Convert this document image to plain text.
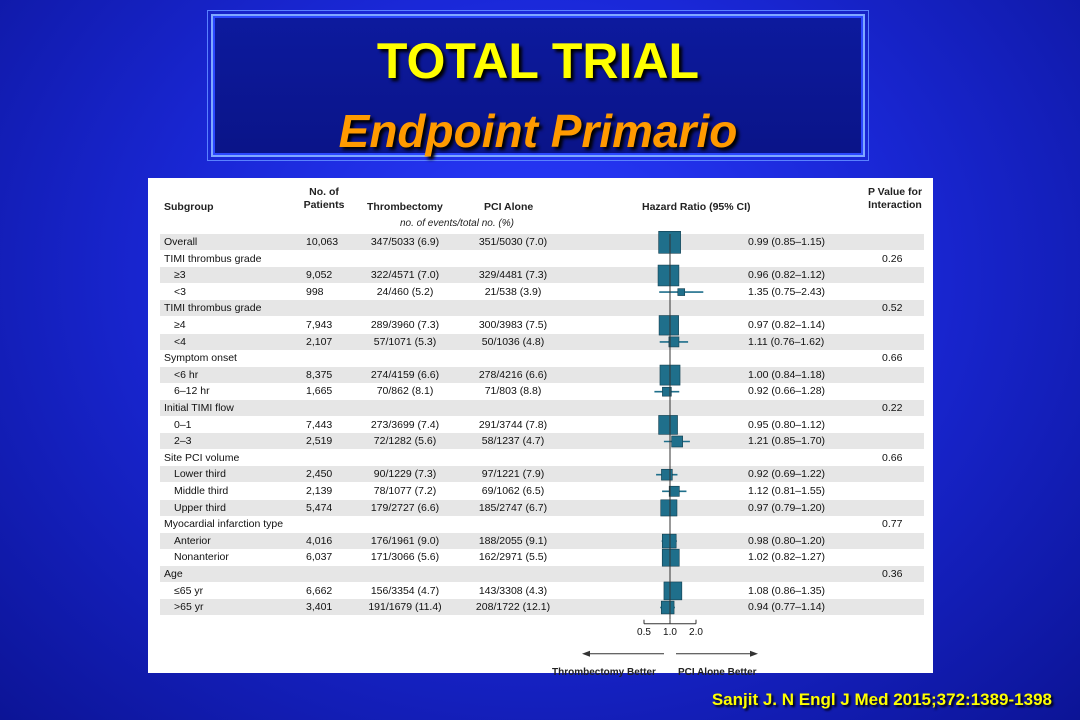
TOTAL TRIAL
Endpoint Primario
Subgroup
No. of
Patients	Thrombectomy	PCI Alone
no. of events/total no. (%)
Hazard Ratio (95% CI)
P Value for
Interaction
Overall	10,063	347/5033 (6.9)	351/5030 (7.0)	0.99 (0.85–1.15)
TIMI thrombus grade	0.26
≥3	9,052	322/4571 (7.0)	329/4481 (7.3)	0.96 (0.82–1.12)
<3	998	24/460 (5.2)	21/538 (3.9)	1.35 (0.75–2.43)
TIMI thrombus grade	0.52
≥4	7,943	289/3960 (7.3)	300/3983 (7.5)	0.97 (0.82–1.14)
<4	2,107	57/1071 (5.3)	50/1036 (4.8)	1.11 (0.76–1.62)
Symptom onset	0.66
<6 hr	8,375	274/4159 (6.6)	278/4216 (6.6)	1.00 (0.84–1.18)
6–12 hr	1,665	70/862 (8.1)	71/803 (8.8)	0.92 (0.66–1.28)
Initial TIMI flow	0.22
0–1	7,443	273/3699 (7.4)	291/3744 (7.8)	0.95 (0.80–1.12)
2–3	2,519	72/1282 (5.6)	58/1237 (4.7)	1.21 (0.85–1.70)
Site PCI volume	0.66
Lower third	2,450	90/1229 (7.3)	97/1221 (7.9)	0.92 (0.69–1.22)
Middle third	2,139	78/1077 (7.2)	69/1062 (6.5)	1.12 (0.81–1.55)
Upper third	5,474	179/2727 (6.6)	185/2747 (6.7)	0.97 (0.79–1.20)
Myocardial infarction type	0.77
Anterior	4,016	176/1961 (9.0)	188/2055 (9.1)	0.98 (0.80–1.20)
Nonanterior	6,037	171/3066 (5.6)	162/2971 (5.5)	1.02 (0.82–1.27)
Age	0.36
≤65 yr	6,662	156/3354 (4.7)	143/3308 (4.3)	1.08 (0.86–1.35)
>65 yr	3,401	191/1679 (11.4)	208/1722 (12.1)	0.94 (0.77–1.14)
0.5	1.0	2.0
Thrombectomy Better PCI Alone Better
Sanjit J. N Engl J Med 2015;372:1389-1398
